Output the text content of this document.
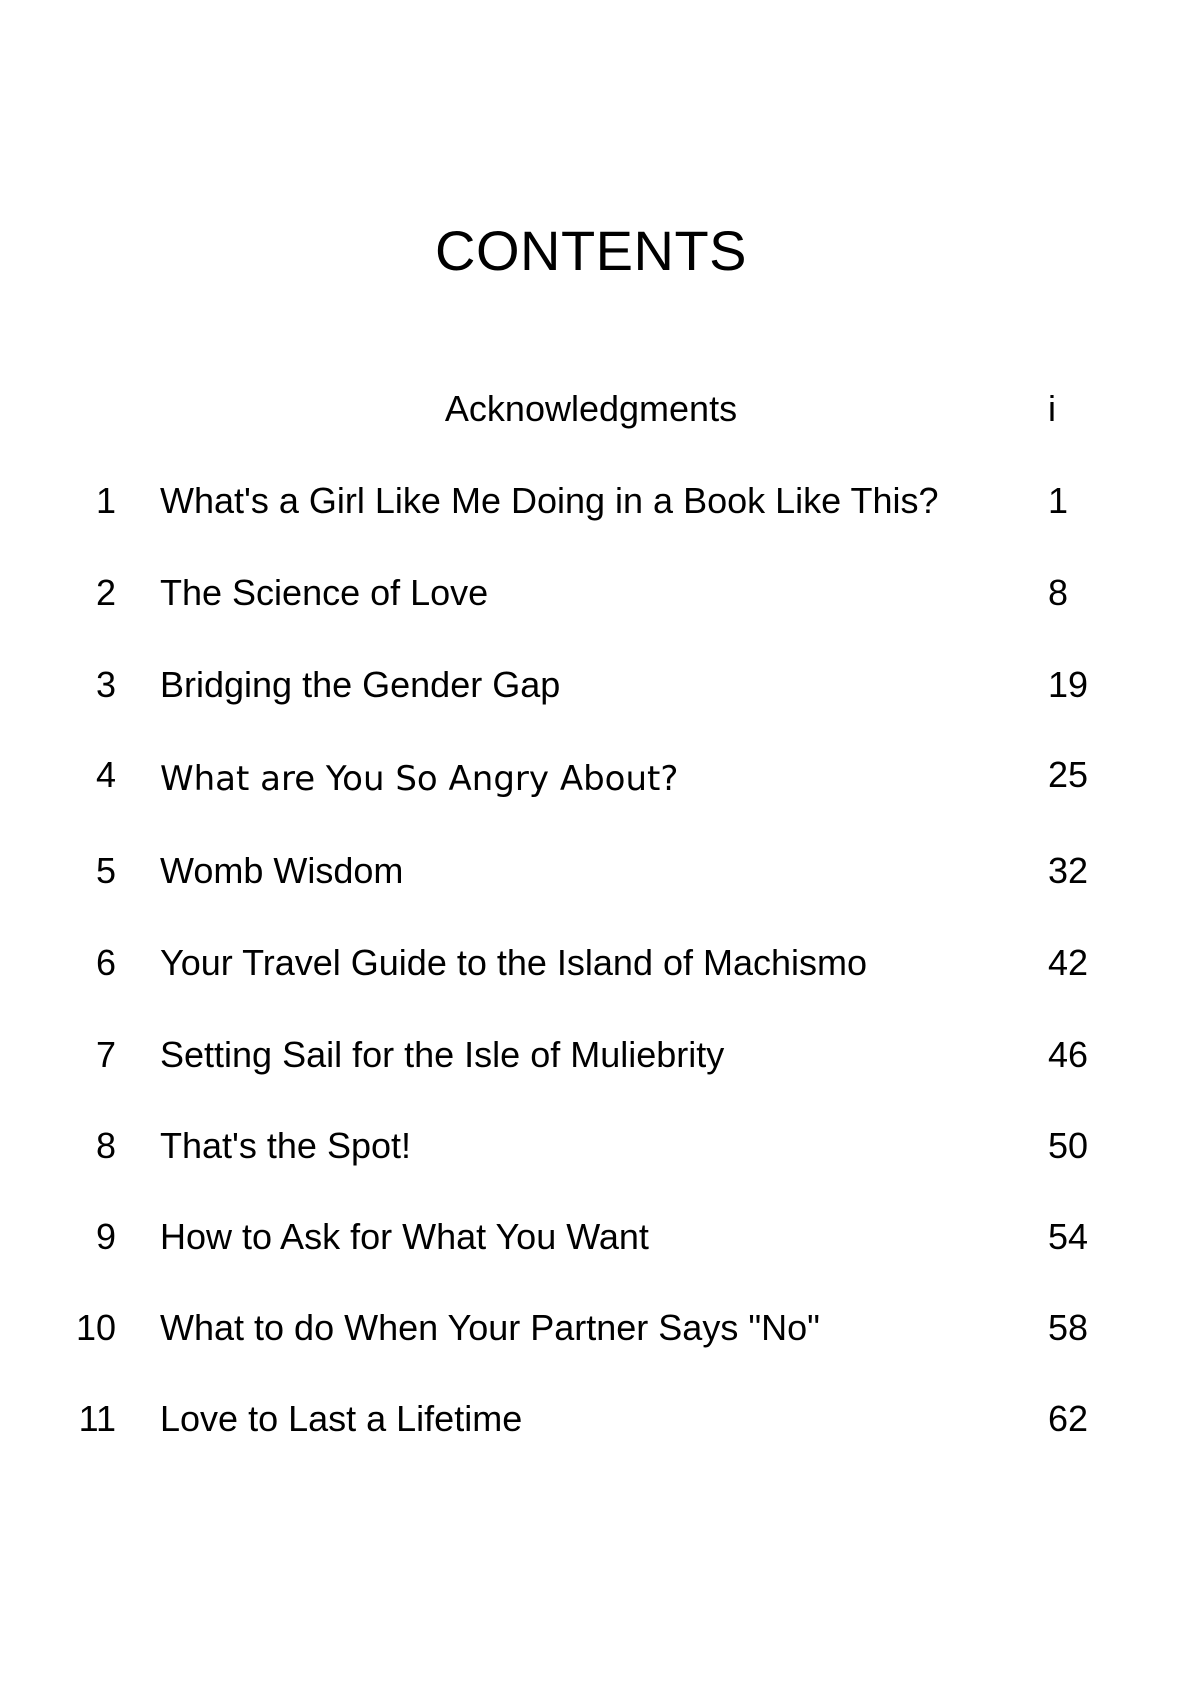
CONTENTS
Acknowledgments	i
1 What's a Girl Like Me Doing in a Book Like This?	1
2 The Science of Love	8
3 Bridging the Gender Gap	19
4 What are You So Angry About?	25
5 Womb Wisdom	32
6 Your Travel Guide to the Island of Machismo	42
7 Setting Sail for the Isle of Muliebrity	46
8 That's the Spot!	50
9 How to Ask for What You Want	54
10 What to do When Your Partner Says "No"	58
11 Love to Last a Lifetime	62
